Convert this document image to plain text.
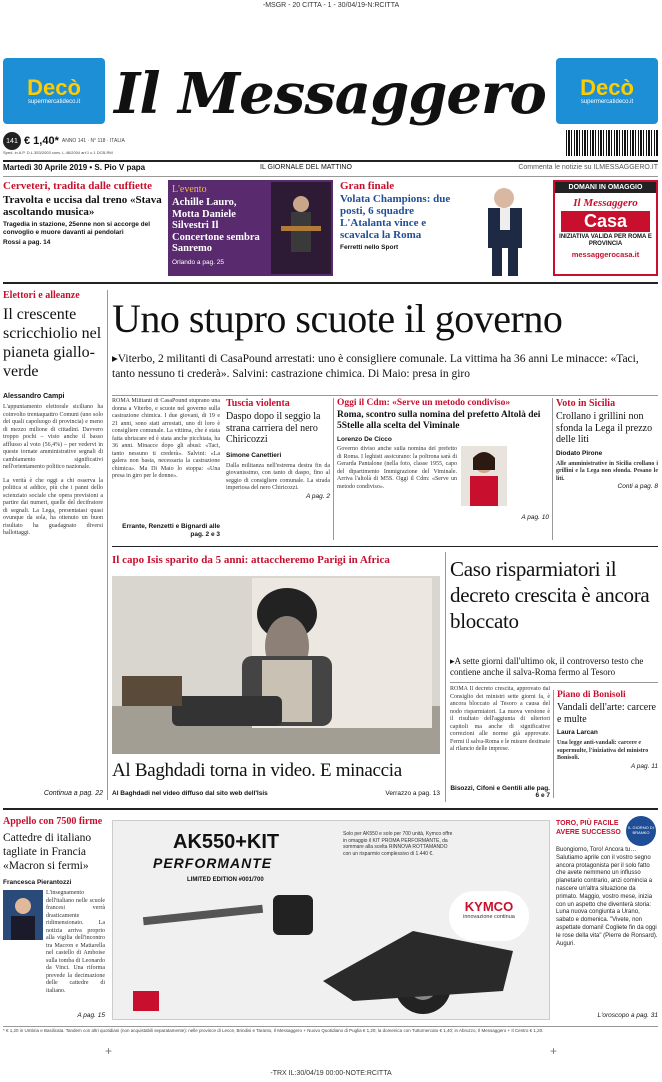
-MSGR - 20 CITTA - 1 - 30/04/19-N:RCITTA
Decò
supermercatideco.it
Decò
supermercatideco.it
Il Messaggero
141 € 1,40* ANNO 141 · N° 118 · ITALIA
Sped. in A.P. D.L.353/2003 conv. L.46/2004 art.1 c.1 DCB-RM
Martedì 30 Aprile 2019 • S. Pio V papa	IL GIORNALE DEL MATTINO	Commenta le notizie su ILMESSAGGERO.IT
Cerveteri, tradita dalle cuffiette
Travolta e uccisa dal treno «Stava ascoltando musica»
Tragedia in stazione, 25enne non si accorge del convoglio e muore davanti ai pendolari
Rossi a pag. 14
L'evento
Achille Lauro, Motta Daniele Silvestri Il Concertone sembra Sanremo
Orlando a pag. 25
Gran finale
Volata Champions: due posti, 6 squadre L'Atalanta vince e scavalca la Roma
Ferretti nello Sport
DOMANI IN OMAGGIO
Il Messaggero
Casa
INIZIATIVA VALIDA PER ROMA E PROVINCIA
messaggerocasa.it
Elettori e alleanze
Il crescente scricchiolio nel pianeta giallo-verde
Alessandro Campi
L'appuntamento elettorale siciliano ha coinvolto trentaquattro Comuni (uno solo dei quali capoluogo di provincia) e meno di mezzo milione di cittadini. Davvero troppo pochi – visto anche il basso afflusso al voto (56,4%) – per vedervi in queste tornate amministrative segnali di cambiamento significativi nell'orientamento politico nazionale.
La verità è che oggi a chi osserva la politica si addice, più che i panni dello scienziato sociale che opera previsioni a partire dai numeri, quelle del decifratore di segnali. La Lega, presentatasi quasi ovunque da sola, ha ottenuto un buon risultato ha guadagnato diversi ballottaggi.
Continua a pag. 22
Uno stupro scuote il governo
▸Viterbo, 2 militanti di CasaPound arrestati: uno è consigliere comunale. La vittima ha 36 anni Le minacce: «Taci, tanto nessuno ti crederà». Salvini: castrazione chimica. Di Maio: presa in giro
ROMA Militanti di CasaPound stuprano una donna a Viterbo, e scuote nel governo sulla castrazione chimica. I due giovani, di 19 e 21 anni, sono stati arrestati, uno di loro è consigliere comunale. La vittima, che è stata fatta ubriacare ed è stata anche picchiata, ha 36 anni. Minacce dopo gli abusi: «Taci, tanto nessuno ti crederà». Salvini: «La galera non basta, necessaria la castrazione chimica». Ma Di Maio lo stoppa: «Una presa in giro per le donne».
Errante, Renzetti e Bignardi alle pag. 2 e 3
Tuscia violenta
Daspo dopo il seggio la strana carriera del nero Chiricozzi
Simone Canettieri
Dalla militanza nell'estrema destra fin da giovanissimo, con tanto di daspo, fino al seggio di consigliere comunale. La strada imperiosa del nero Chiricozzi.
A pag. 2
Oggi il Cdm: «Serve un metodo condiviso»
Roma, scontro sulla nomina del prefetto Altolà dei 5Stelle alla scelta del Viminale
Lorenzo De Cicco
Governo diviso anche sulla nomina del prefetto di Roma. I leghisti assicurano: la poltrona sarà di Gerarda Pantalone (nella foto, classe 1955, capo del dipartimento Immigrazione del Viminale. Arriva l'altolà di M5S. Oggi il Cdm: «Serve un metodo condiviso».
A pag. 10
Voto in Sicilia
Crollano i grillini non sfonda la Lega il prezzo delle liti
Diodato Pirone
Alle amministrative in Sicilia crollano i grillini e la Lega non sfonda. Pesano le liti.
Conti a pag. 8
Il capo Isis sparito da 5 anni: attaccheremo Parigi in Africa
Al Baghdadi torna in video. E minaccia
Al Baghdadi nel video diffuso dal sito web dell'Isis	Verrazzo a pag. 13
Caso risparmiatori il decreto crescita è ancora bloccato
▸A sette giorni dall'ultimo ok, il controverso testo che contiene anche il salva-Roma fermo al Tesoro
ROMA Il decreto crescita, approvato dal Consiglio dei ministri sette giorni fa, è ancora bloccato al Tesoro a causa del nodo risparmiatori. La nuova versione è il risultato dell'aggiunta di ulteriori capitoli ma anche di significative correzioni alle norme già approvate. Fermi il salva-Roma e le misure destinate al rilancio delle imprese.
Bisozzi, Cifoni e Gentili alle pag. 6 e 7
Piano di Bonisoli
Vandali dell'arte: carcere e multe
Laura Larcan
Una legge anti-vandali: carcere e supermulte, l'iniziativa del ministro Bonisoli.
A pag. 11
Appello con 7500 firme
Cattedre di italiano tagliate in Francia «Macron si fermi»
Francesca Pierantozzi
L'insegnamento dell'italiano nelle scuole francesi verrà drasticamente ridimensionato. La notizia arriva proprio alla vigilia dell'incontro tra Macron e Mattarella nel castello di Amboise sulla tomba di Leonardo da Vinci. Una riforma prevede la decimazione delle cattedre di italiano.
A pag. 15
AK550+KIT
PERFORMANTE
LIMITED EDITION #001/700
Solo per AK550 e solo per 700 unità, Kymco offre in omaggio il KIT PROMA PERFORMANTE, da sommare alla scelta RINNOVA ROTTAMANDO con un risparmio complessivo di 1.440 €.
KYMCO
innovazione continua
IL GIORNO DI BRANKO
TORO, PIÙ FACILE AVERE SUCCESSO
Buongiorno, Toro! Ancora tu… Salutiamo aprile con il vostro segno ancora protagonista per il solo fatto che avete nemmeno un influsso planetario contrario, anzi comincia a nascere un'altra situazione da primato. Maggio, vostro mese, inizia con un aspetto che diventerà storia: Luna nuova congiunta a Urano, sabato e domenica. "Vivete, non aspettate domani! Cogliete fin da oggi le rose della vita" (Pierre de Ronsard). Auguri.
L'oroscopo a pag. 31
* € 1,20 in Umbria e Basilicata. Tandem con altri quotidiani (non acquistabili separatamente): nelle province di Lecce, Brindisi e Taranto, Il Messaggero + Nuovo Quotidiano di Puglia € 1,20; la domenica con Tuttomercato € 1,40; in Abruzzo, Il Messaggero + Il Centro € 1,20.
+	+
-TRX IL:30/04/19 00:00-NOTE:RCITTA
